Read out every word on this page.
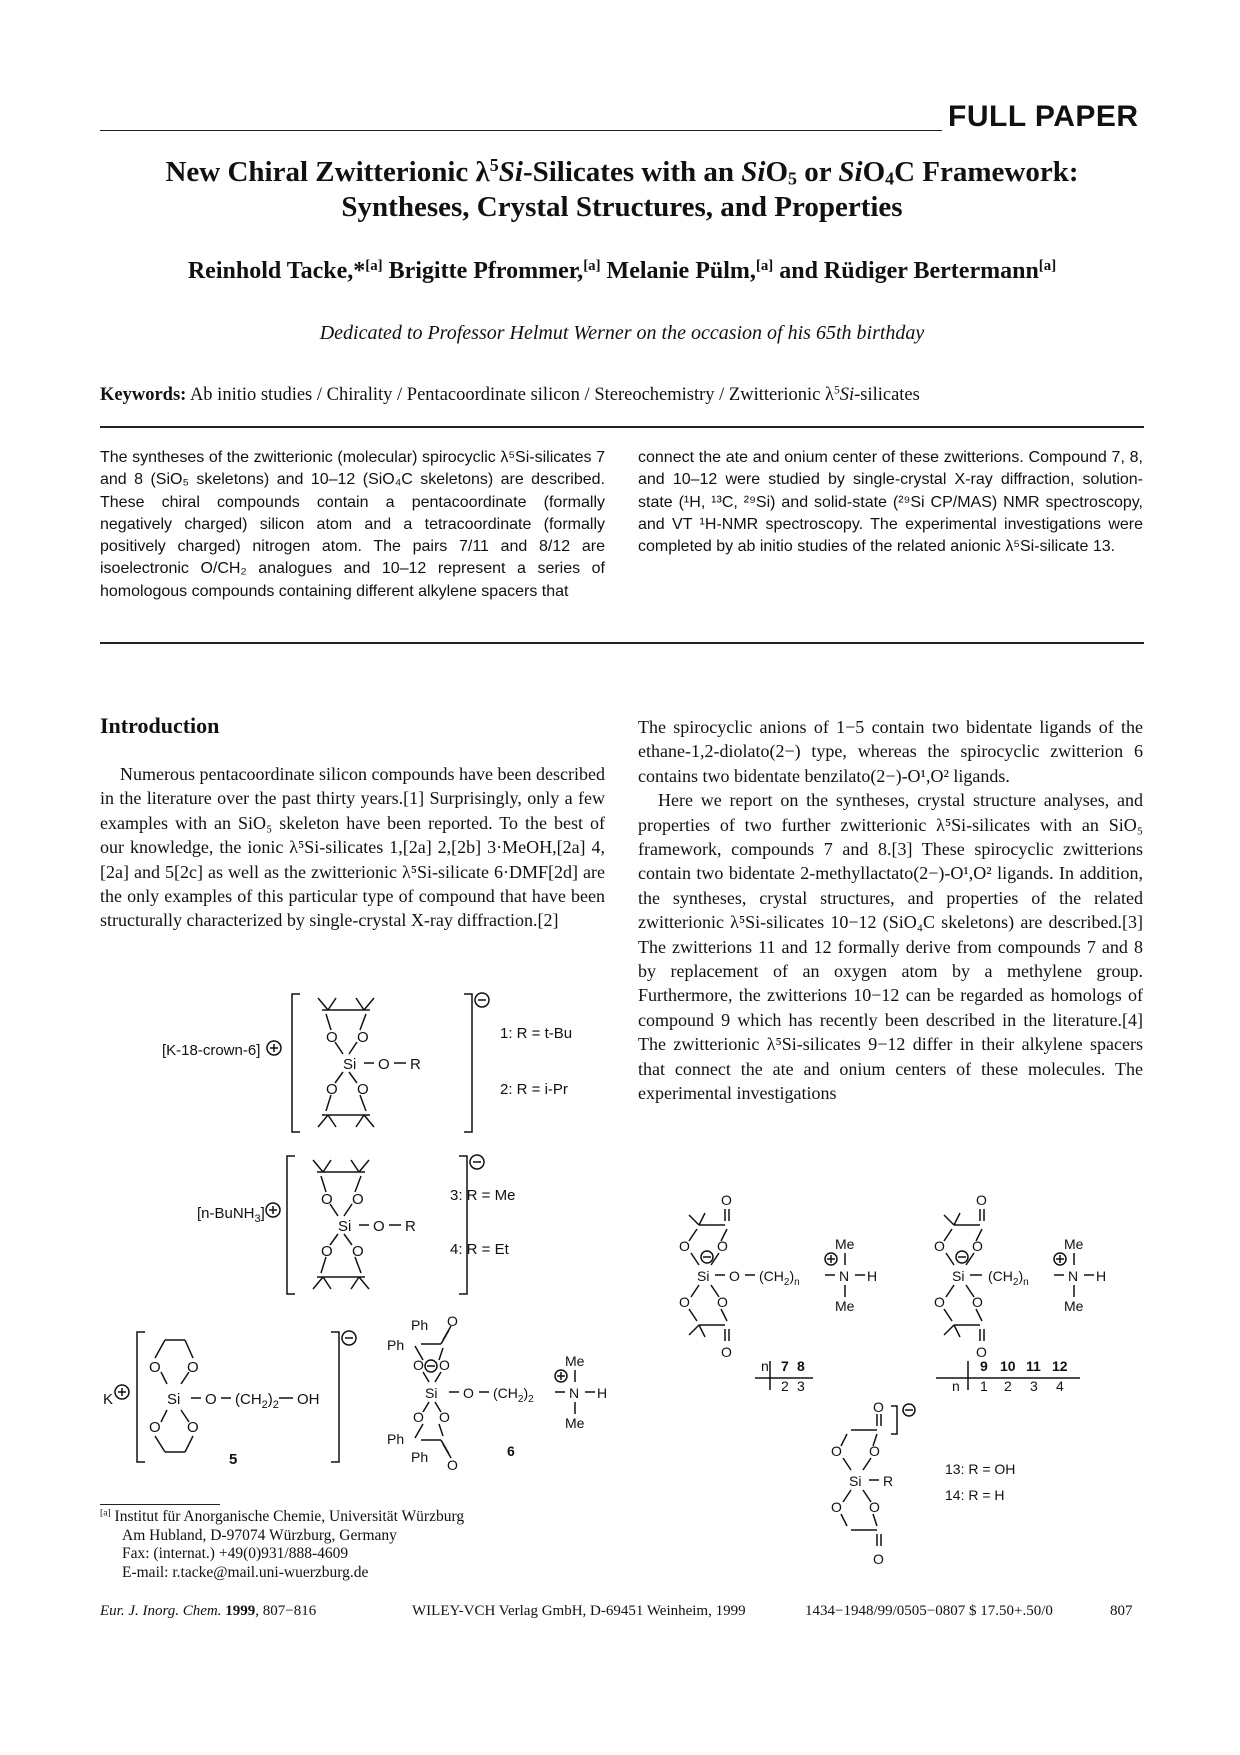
FULL PAPER
New Chiral Zwitterionic $\lambda^5Si$-Silicates with an SiO$_5$ or SiO$_4$C Framework:
Syntheses, Crystal Structures, and Properties
Reinhold Tacke,*[a] Brigitte Pfrommer,[a] Melanie Pülm,[a] and Rüdiger Bertermann[a]
Dedicated to Professor Helmut Werner on the occasion of his 65th birthday
Keywords: Ab initio studies / Chirality / Pentacoordinate silicon / Stereochemistry / Zwitterionic $\lambda^5Si$-silicates
The syntheses of the zwitterionic (molecular) spirocyclic λ⁵Si-silicates 7 and 8 (SiO₅ skeletons) and 10–12 (SiO₄C skeletons) are described. These chiral compounds contain a pentacoordinate (formally negatively charged) silicon atom and a tetracoordinate (formally positively charged) nitrogen atom. The pairs 7/11 and 8/12 are isoelectronic O/CH₂ analogues and 10–12 represent a series of homologous compounds containing different alkylene spacers that
connect the ate and onium center of these zwitterions. Compound 7, 8, and 10–12 were studied by single-crystal X-ray diffraction, solution-state (¹H, ¹³C, ²⁹Si) and solid-state (²⁹Si CP/MAS) NMR spectroscopy, and VT ¹H-NMR spectroscopy. The experimental investigations were completed by ab initio studies of the related anionic λ⁵Si-silicate 13.
Introduction

Numerous pentacoordinate silicon compounds have been described in the literature over the past thirty years.[1] Surprisingly, only a few examples with an SiO₅ skeleton have been reported. To the best of our knowledge, the ionic λ⁵Si-silicates 1,[2a] 2,[2b] 3·MeOH,[2a] 4,[2a] and 5[2c] as well as the zwitterionic λ⁵Si-silicate 6·DMF[2d] are the only examples of this particular type of compound that have been structurally characterized by single-crystal X-ray diffraction.[2]

The spirocyclic anions of 1−5 contain two bidentate ligands of the ethane-1,2-diolato(2−) type, whereas the spirocyclic zwitterion 6 contains two bidentate benzilato(2−)-O¹,O² ligands.

Here we report on the syntheses, crystal structure analyses, and properties of two further zwitterionic λ⁵Si-silicates with an SiO₅ framework, compounds 7 and 8.[3] These spirocyclic zwitterions contain two bidentate 2-methyllactato(2−)-O¹,O² ligands. In addition, the syntheses, crystal structures, and properties of the related zwitterionic λ⁵Si-silicates 10−12 (SiO₄C skeletons) are described.[3] The zwitterions 11 and 12 formally derive from compounds 7 and 8 by replacement of an oxygen atom by a methylene group. Furthermore, the zwitterions 10−12 can be regarded as homologs of compound 9 which has recently been described in the literature.[4] The zwitterionic λ⁵Si-silicates 9−12 differ in their alkylene spacers that connect the ate and onium centers of these molecules. The experimental investigations

[K-18-crown-6]
O O
O O
Si O R
1: R = t-Bu
2: R = i-Pr
[n-BuNH$_3$]
O O
O O
Si O R
3: R = Me
4: R = Et
K
O O
O O
Si O $(CH_2)_2$ OH
5
Ph
Ph O
O O
Si O $(CH_2)_2$	N H
Me
Me
O O
Ph
Ph O
6
O
O O
Si O $(CH_2)_n$	N H
Me
Me
O O
O
n 7 8
2 3
O
O O
Si $(CH_2)_n$	N H
Me
Me
O O
O
n
9 10 11 12
1 2 3 4
O
O O
Si R
O O
O
13: R = OH
14: R = H
[a] Institut für Anorganische Chemie, Universität Würzburg
Am Hubland, D-97074 Würzburg, Germany
Fax: (internat.) +49(0)931/888-4609
E-mail: r.tacke@mail.uni-wuerzburg.de
Eur. J. Inorg. Chem. 1999, 807−816	WILEY-VCH Verlag GmbH, D-69451 Weinheim, 1999	1434−1948/99/0505−0807 $ 17.50+.50/0	807
